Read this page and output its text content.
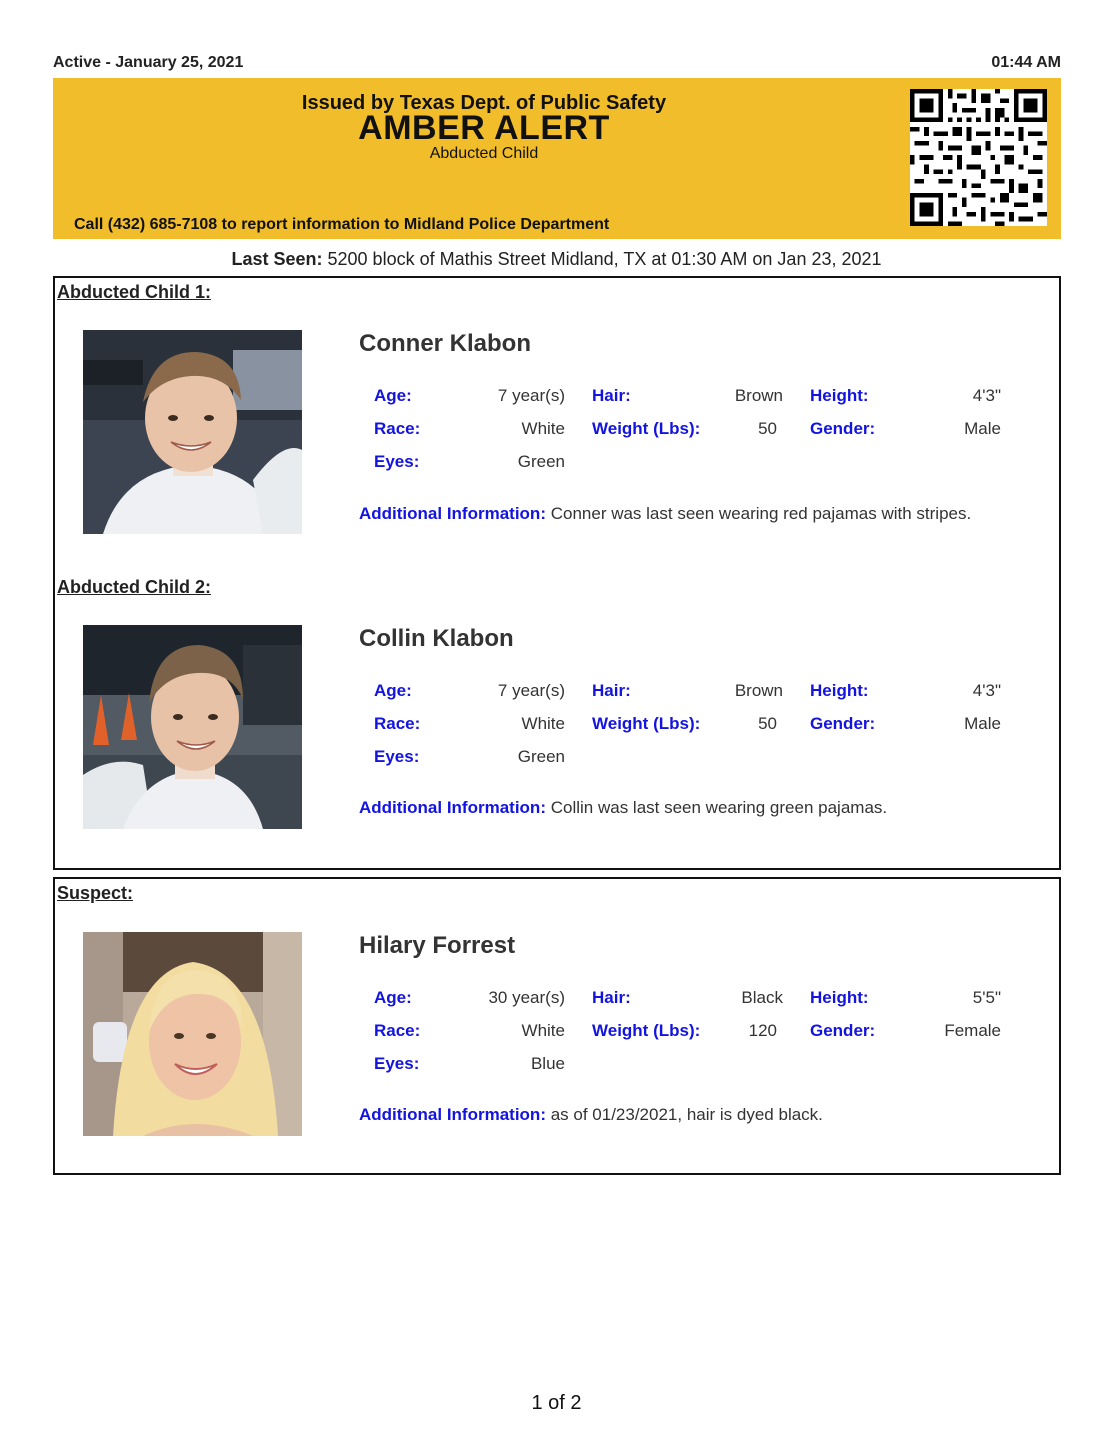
Active - January 25, 2021	01:44 AM
Issued by Texas Dept. of Public Safety
AMBER ALERT
Abducted Child
Call (432) 685-7108 to report information to Midland Police Department
Last Seen: 5200 block of Mathis Street Midland, TX at 01:30 AM on Jan 23, 2021
Abducted Child 1:
Conner Klabon
Age:	7 year(s) Hair:	Brown Height:	4'3"
Race:	White Weight (Lbs):	50 Gender:	Male
Eyes:	Green
Additional Information: Conner was last seen wearing red pajamas with stripes.
Abducted Child 2:
Collin Klabon
Age:	7 year(s) Hair:	Brown Height:	4'3"
Race:	White Weight (Lbs):	50 Gender:	Male
Eyes:	Green
Additional Information: Collin was last seen wearing green pajamas.
Suspect:
Hilary Forrest
Age:	30 year(s) Hair:	Black Height:	5'5"
Race:	White Weight (Lbs):	120 Gender:	Female
Eyes:	Blue
Additional Information: as of 01/23/2021, hair is dyed black.
1 of 2
